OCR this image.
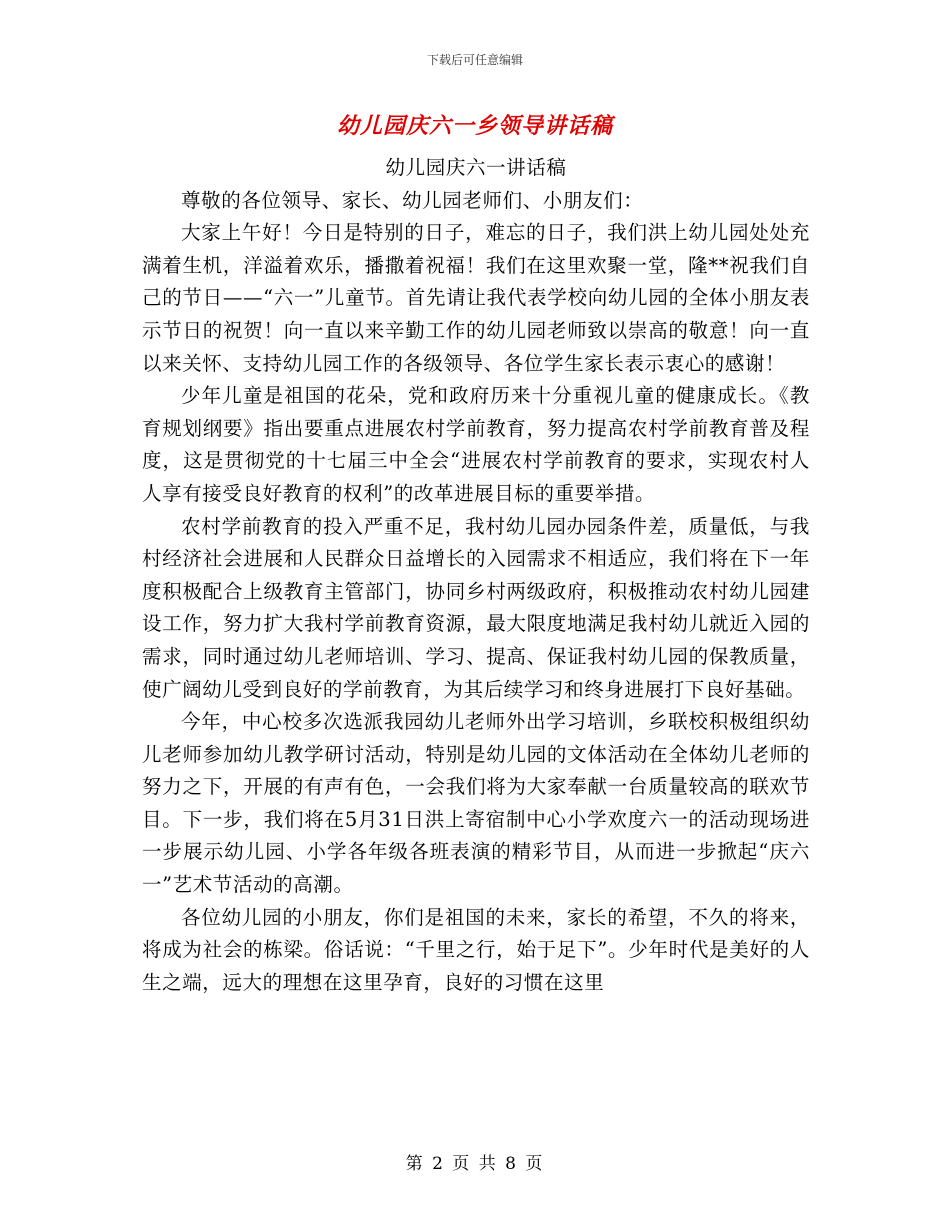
下载后可任意编辑
幼儿园庆六一乡领导讲话稿

幼儿园庆六一讲话稿

尊敬的各位领导、家长、幼儿园老师们、小朋友们：

大家上午好！今日是特别的日子，难忘的日子，我们洪上幼儿园处处充满着生机，洋溢着欢乐，播撒着祝福！我们在这里欢聚一堂，隆**祝我们自己的节日——“六一”儿童节。首先请让我代表学校向幼儿园的全体小朋友表示节日的祝贺！向一直以来辛勤工作的幼儿园老师致以崇高的敬意！向一直以来关怀、支持幼儿园工作的各级领导、各位学生家长表示衷心的感谢！

少年儿童是祖国的花朵，党和政府历来十分重视儿童的健康成长。《教育规划纲要》指出要重点进展农村学前教育，努力提高农村学前教育普及程度，这是贯彻党的十七届三中全会“进展农村学前教育的要求，实现农村人人享有接受良好教育的权利”的改革进展目标的重要举措。

农村学前教育的投入严重不足，我村幼儿园办园条件差，质量低，与我村经济社会进展和人民群众日益增长的入园需求不相适应，我们将在下一年度积极配合上级教育主管部门，协同乡村两级政府，积极推动农村幼儿园建设工作，努力扩大我村学前教育资源，最大限度地满足我村幼儿就近入园的需求，同时通过幼儿老师培训、学习、提高、保证我村幼儿园的保教质量，使广阔幼儿受到良好的学前教育，为其后续学习和终身进展打下良好基础。

今年，中心校多次选派我园幼儿老师外出学习培训，乡联校积极组织幼儿老师参加幼儿教学研讨活动，特别是幼儿园的文体活动在全体幼儿老师的努力之下，开展的有声有色，一会我们将为大家奉献一台质量较高的联欢节目。下一步，我们将在5月31日洪上寄宿制中心小学欢度六一的活动现场进一步展示幼儿园、小学各年级各班表演的精彩节目，从而进一步掀起“庆六一”艺术节活动的高潮。

各位幼儿园的小朋友，你们是祖国的未来，家长的希望，不久的将来，将成为社会的栋梁。俗话说：“千里之行，始于足下”。少年时代是美好的人生之端，远大的理想在这里孕育，良好的习惯在这里

第 2 页 共 8 页
